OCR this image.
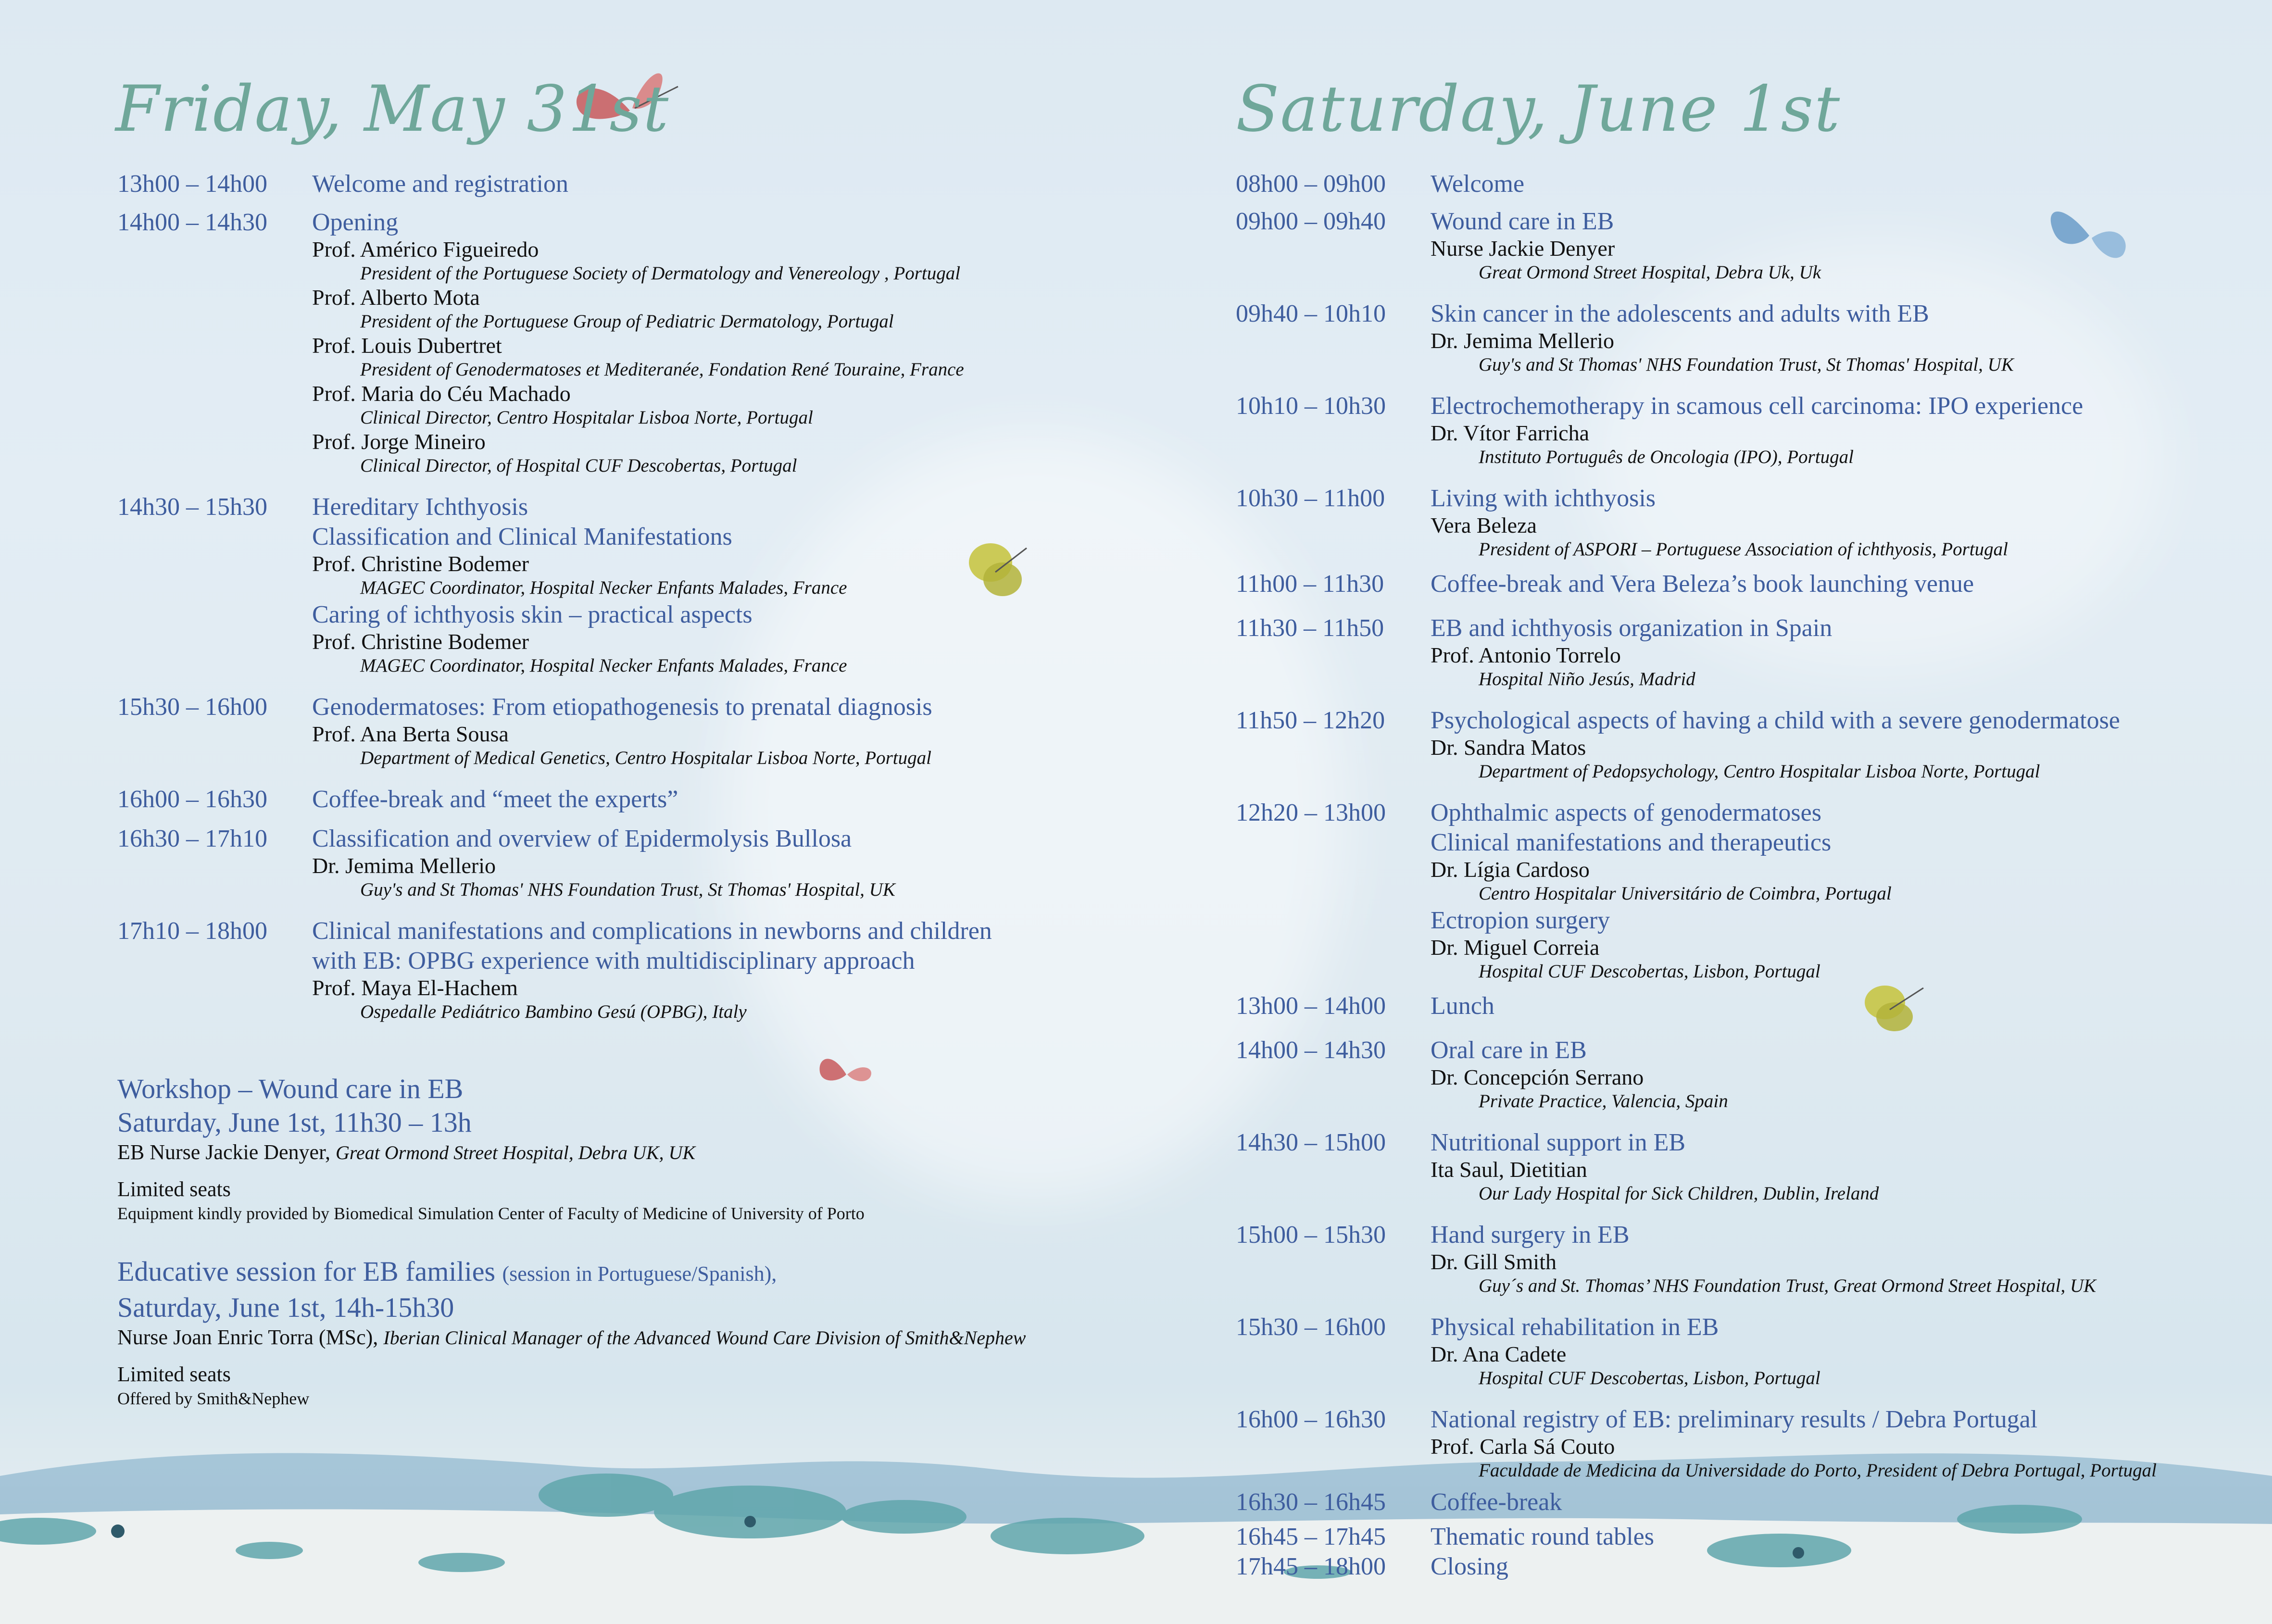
Friday, May 31st
13h00 – 14h00	Welcome and registration
14h00 – 14h30	Opening
Prof. Américo Figueiredo
President of the Portuguese Society of Dermatology and Venereology , Portugal
Prof. Alberto Mota
President of the Portuguese Group of Pediatric Dermatology, Portugal
Prof. Louis Dubertret
President of Genodermatoses et Mediteranée, Fondation René Touraine, France
Prof. Maria do Céu Machado
Clinical Director, Centro Hospitalar Lisboa Norte, Portugal
Prof. Jorge Mineiro
Clinical Director, of Hospital CUF Descobertas, Portugal
14h30 – 15h30	Hereditary Ichthyosis
Classification and Clinical Manifestations
Prof. Christine Bodemer
MAGEC Coordinator, Hospital Necker Enfants Malades, France
Caring of ichthyosis skin – practical aspects
Prof. Christine Bodemer
MAGEC Coordinator, Hospital Necker Enfants Malades, France
15h30 – 16h00	Genodermatoses: From etiopathogenesis to prenatal diagnosis
Prof. Ana Berta Sousa
Department of Medical Genetics, Centro Hospitalar Lisboa Norte, Portugal
16h00 – 16h30	Coffee-break and “meet the experts”
16h30 – 17h10	Classification and overview of Epidermolysis Bullosa
Dr. Jemima Mellerio
Guy's and St Thomas' NHS Foundation Trust, St Thomas' Hospital, UK
17h10 – 18h00	Clinical manifestations and complications in newborns and children
with EB: OPBG experience with multidisciplinary approach
Prof. Maya El-Hachem
Ospedalle Pediátrico Bambino Gesú (OPBG), Italy
Workshop – Wound care in EB
Saturday, June 1st, 11h30 – 13h
EB Nurse Jackie Denyer, Great Ormond Street Hospital, Debra UK, UK
Limited seats
Equipment kindly provided by Biomedical Simulation Center of Faculty of Medicine of University of Porto
Educative session for EB families (session in Portuguese/Spanish),
Saturday, June 1st, 14h-15h30
Nurse Joan Enric Torra (MSc), Iberian Clinical Manager of the Advanced Wound Care Division of Smith&Nephew
Limited seats
Offered by Smith&Nephew
Saturday, June 1st
08h00 – 09h00	Welcome
09h00 – 09h40	Wound care in EB
Nurse Jackie Denyer
Great Ormond Street Hospital, Debra Uk, Uk
09h40 – 10h10	Skin cancer in the adolescents and adults with EB
Dr. Jemima Mellerio
Guy's and St Thomas' NHS Foundation Trust, St Thomas' Hospital, UK
10h10 – 10h30	Electrochemotherapy in scamous cell carcinoma: IPO experience
Dr. Vítor Farricha
Instituto Português de Oncologia (IPO), Portugal
10h30 – 11h00	Living with ichthyosis
Vera Beleza
President of ASPORI – Portuguese Association of ichthyosis, Portugal
11h00 – 11h30	Coffee-break and Vera Beleza’s book launching venue
11h30 – 11h50	EB and ichthyosis organization in Spain
Prof. Antonio Torrelo
Hospital Niño Jesús, Madrid
11h50 – 12h20	Psychological aspects of having a child with a severe genodermatose
Dr. Sandra Matos
Department of Pedopsychology, Centro Hospitalar Lisboa Norte, Portugal
12h20 – 13h00	Ophthalmic aspects of genodermatoses
Clinical manifestations and therapeutics
Dr. Lígia Cardoso
Centro Hospitalar Universitário de Coimbra, Portugal
Ectropion surgery
Dr. Miguel Correia
Hospital CUF Descobertas, Lisbon, Portugal
13h00 – 14h00	Lunch
14h00 – 14h30	Oral care in EB
Dr. Concepción Serrano
Private Practice, Valencia, Spain
14h30 – 15h00	Nutritional support in EB
Ita Saul, Dietitian
Our Lady Hospital for Sick Children, Dublin, Ireland
15h00 – 15h30	Hand surgery in EB
Dr. Gill Smith
Guy´s and St. Thomas’ NHS Foundation Trust, Great Ormond Street Hospital, UK
15h30 – 16h00	Physical rehabilitation in EB
Dr. Ana Cadete
Hospital CUF Descobertas, Lisbon, Portugal
16h00 – 16h30	National registry of EB: preliminary results / Debra Portugal
Prof. Carla Sá Couto
Faculdade de Medicina da Universidade do Porto, President of Debra Portugal, Portugal
16h30 – 16h45	Coffee-break
16h45 – 17h45	Thematic round tables
17h45 – 18h00	Closing
